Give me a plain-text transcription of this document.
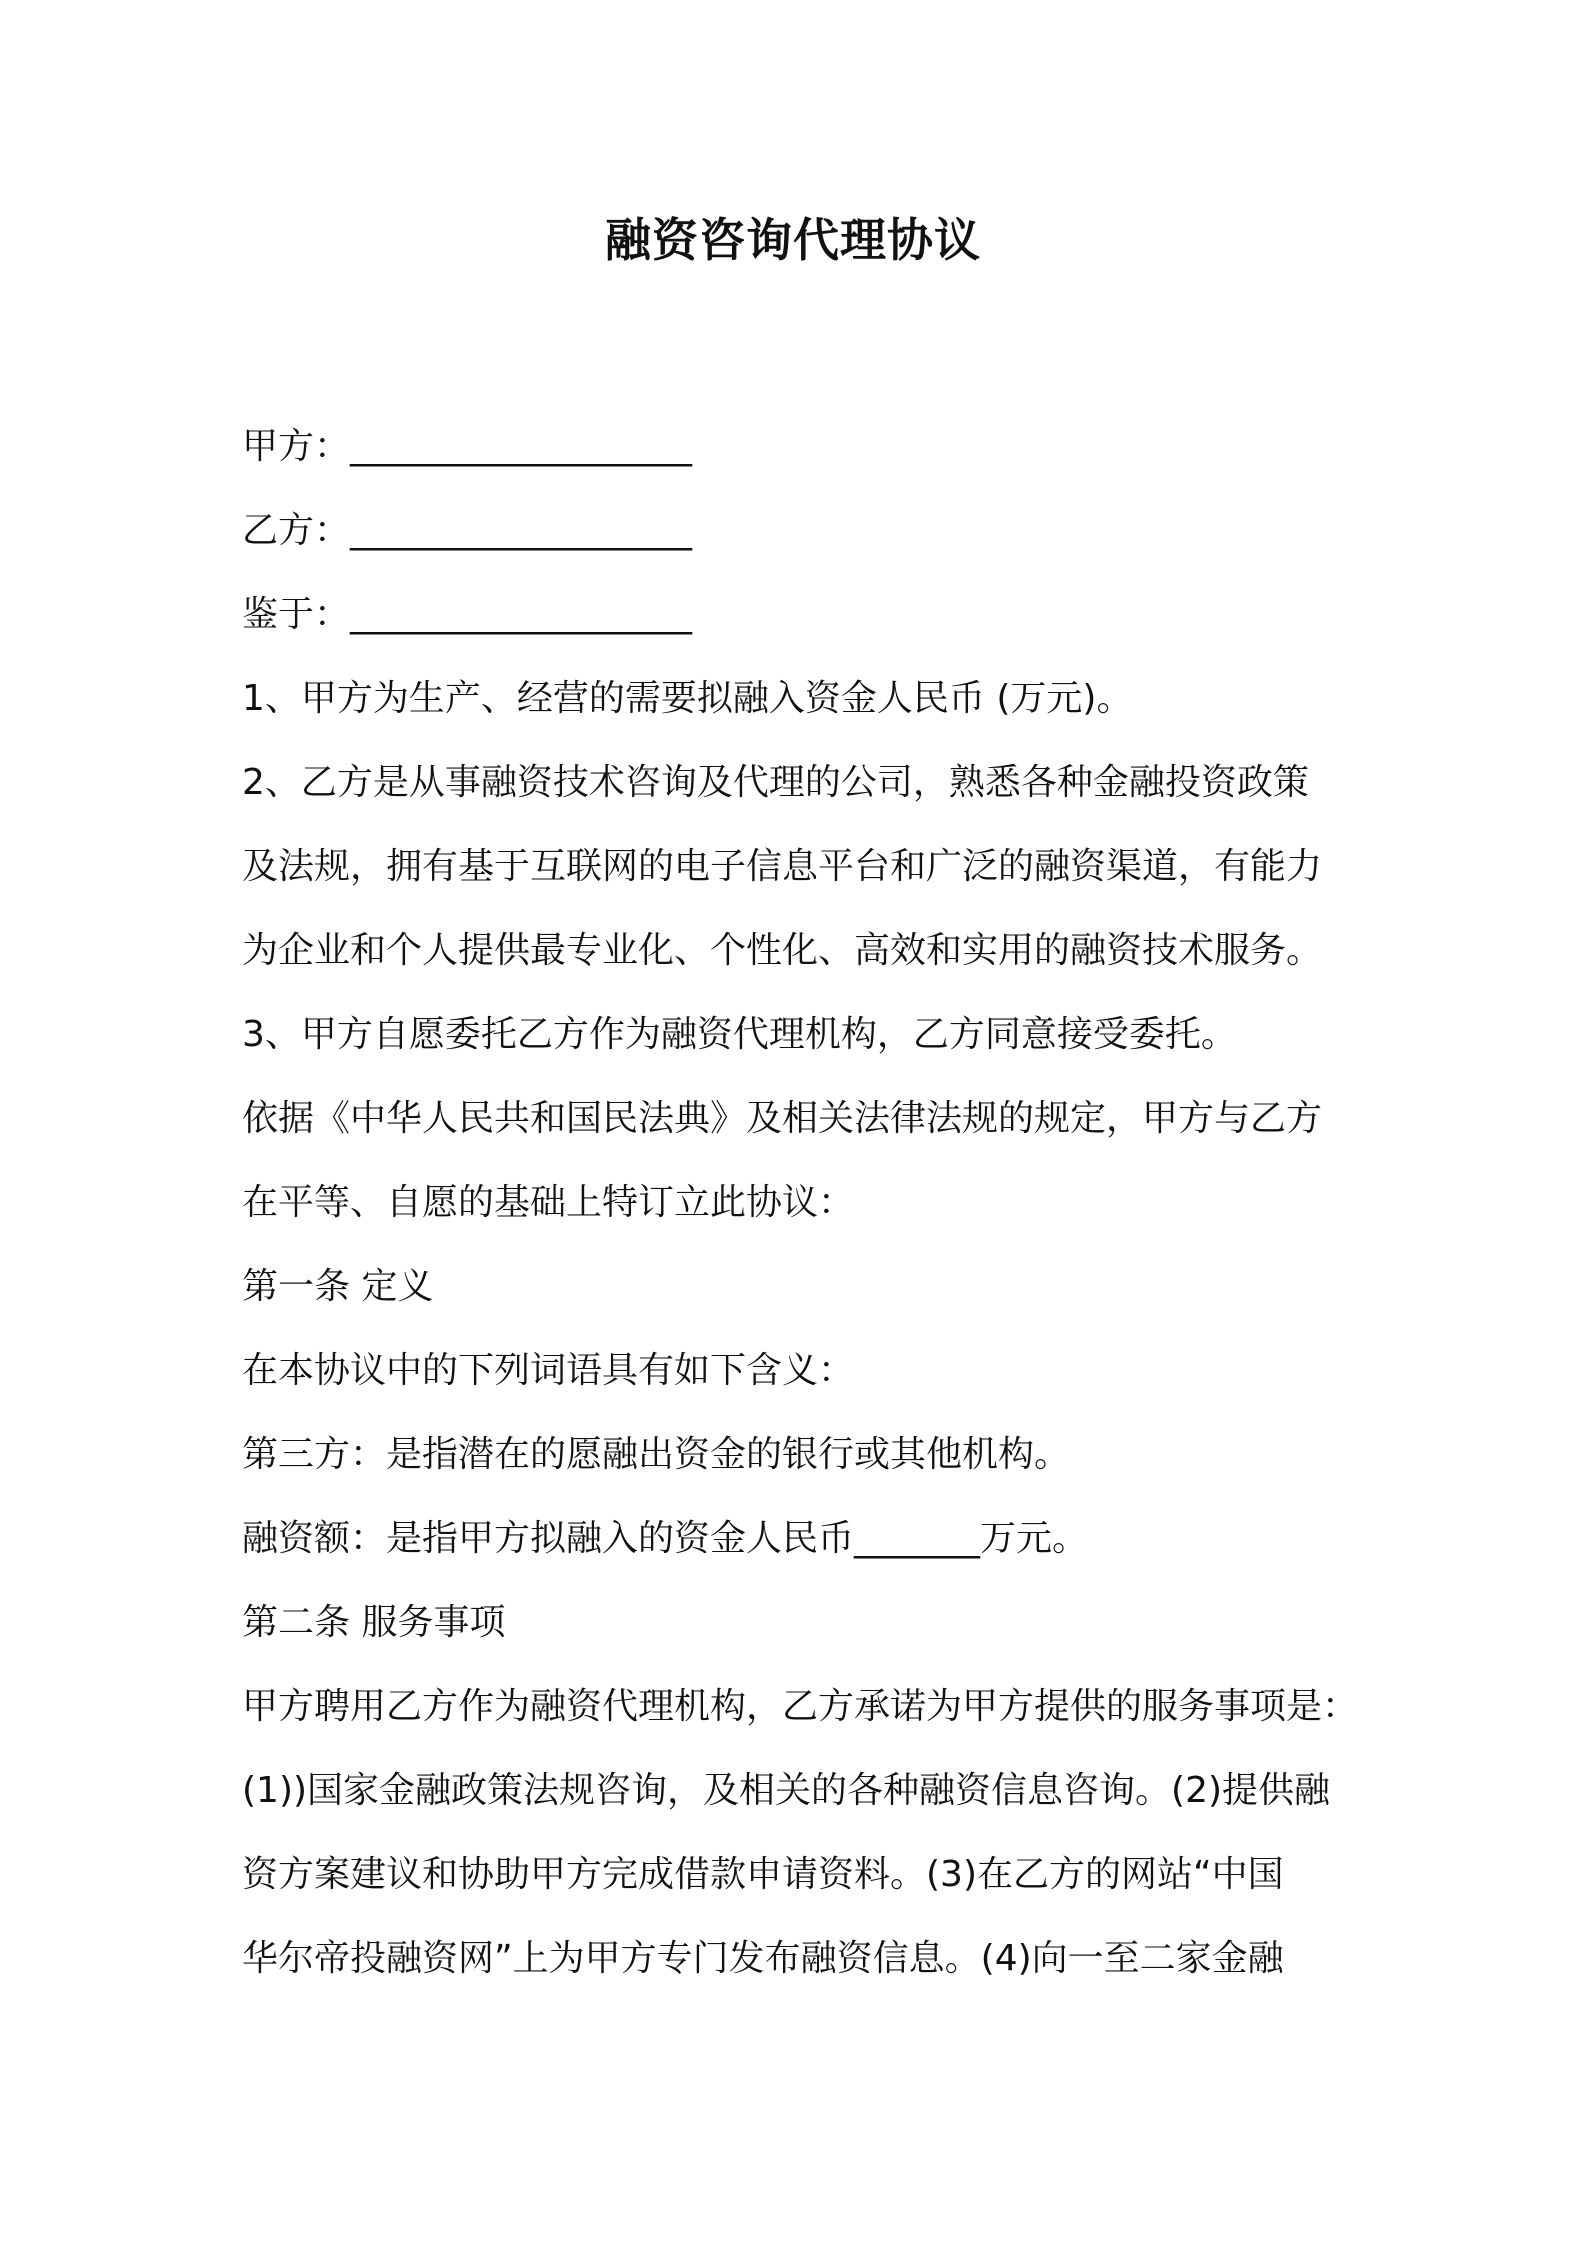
融资咨询代理协议
甲方：___________________
乙方：___________________
鉴于：___________________
1、甲方为生产、经营的需要拟融入资金人民币 (万元)。
2、乙方是从事融资技术咨询及代理的公司，熟悉各种金融投资政策
及法规，拥有基于互联网的电子信息平台和广泛的融资渠道，有能力
为企业和个人提供最专业化、个性化、高效和实用的融资技术服务。
3、甲方自愿委托乙方作为融资代理机构，乙方同意接受委托。
依据《中华人民共和国民法典》及相关法律法规的规定，甲方与乙方
在平等、自愿的基础上特订立此协议：
第一条 定义
在本协议中的下列词语具有如下含义：
第三方：是指潜在的愿融出资金的银行或其他机构。
融资额：是指甲方拟融入的资金人民币_______万元。
第二条 服务事项
甲方聘用乙方作为融资代理机构，乙方承诺为甲方提供的服务事项是：
(1))国家金融政策法规咨询，及相关的各种融资信息咨询。(2)提供融
资方案建议和协助甲方完成借款申请资料。(3)在乙方的网站“中国
华尔帝投融资网”上为甲方专门发布融资信息。(4)向一至二家金融
